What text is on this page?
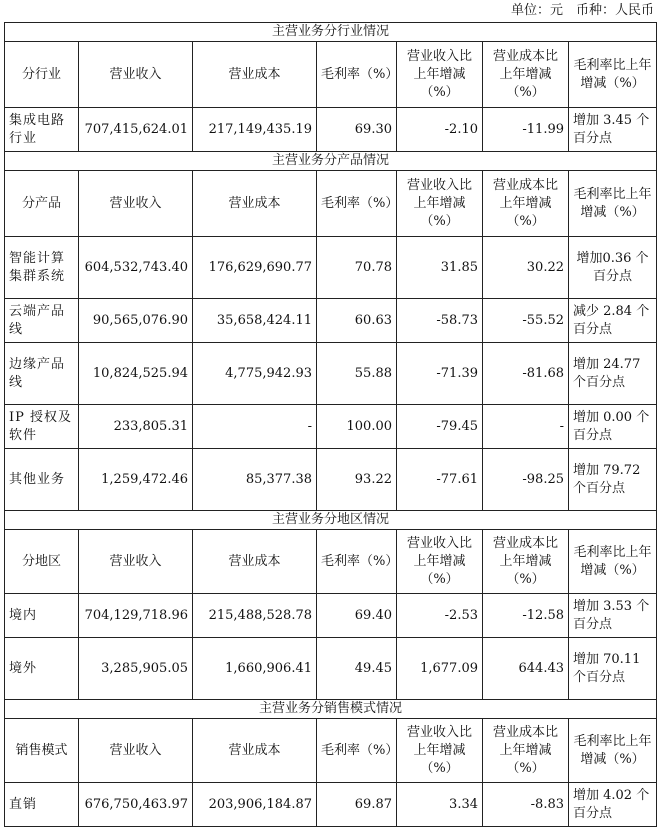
单位：元　币种：人民币
主营业务分行业情况						
分行业	营业收入	营业成本	毛利率（%）	营业收入比上年增减（%）	营业成本比上年增减（%）	毛利率比上年增减（%）
集成电路行业	707,415,624.01	217,149,435.19	69.30	-2.10	-11.99	增加 3.45 个百分点
主营业务分产品情况						
分产品	营业收入	营业成本	毛利率（%）	营业收入比上年增减（%）	营业成本比上年增减（%）	毛利率比上年增减（%）
智能计算集群系统	604,532,743.40	176,629,690.77	70.78	31.85	30.22	增加0.36 个百分点
云端产品线	90,565,076.90	35,658,424.11	60.63	-58.73	-55.52	减少 2.84 个百分点
边缘产品线	10,824,525.94	4,775,942.93	55.88	-71.39	-81.68	增加 24.77 个百分点
IP 授权及软件	233,805.31	-	100.00	-79.45	-	增加 0.00 个百分点
其他业务	1,259,472.46	85,377.38	93.22	-77.61	-98.25	增加 79.72 个百分点
主营业务分地区情况						
分地区	营业收入	营业成本	毛利率（%）	营业收入比上年增减（%）	营业成本比上年增减（%）	毛利率比上年增减（%）
境内	704,129,718.96	215,488,528.78	69.40	-2.53	-12.58	增加 3.53 个百分点
境外	3,285,905.05	1,660,906.41	49.45	1,677.09	644.43	增加 70.11 个百分点
主营业务分销售模式情况						
销售模式	营业收入	营业成本	毛利率（%）	营业收入比上年增减（%）	营业成本比上年增减（%）	毛利率比上年增减（%）
直销	676,750,463.97	203,906,184.87	69.87	3.34	-8.83	增加 4.02 个百分点
